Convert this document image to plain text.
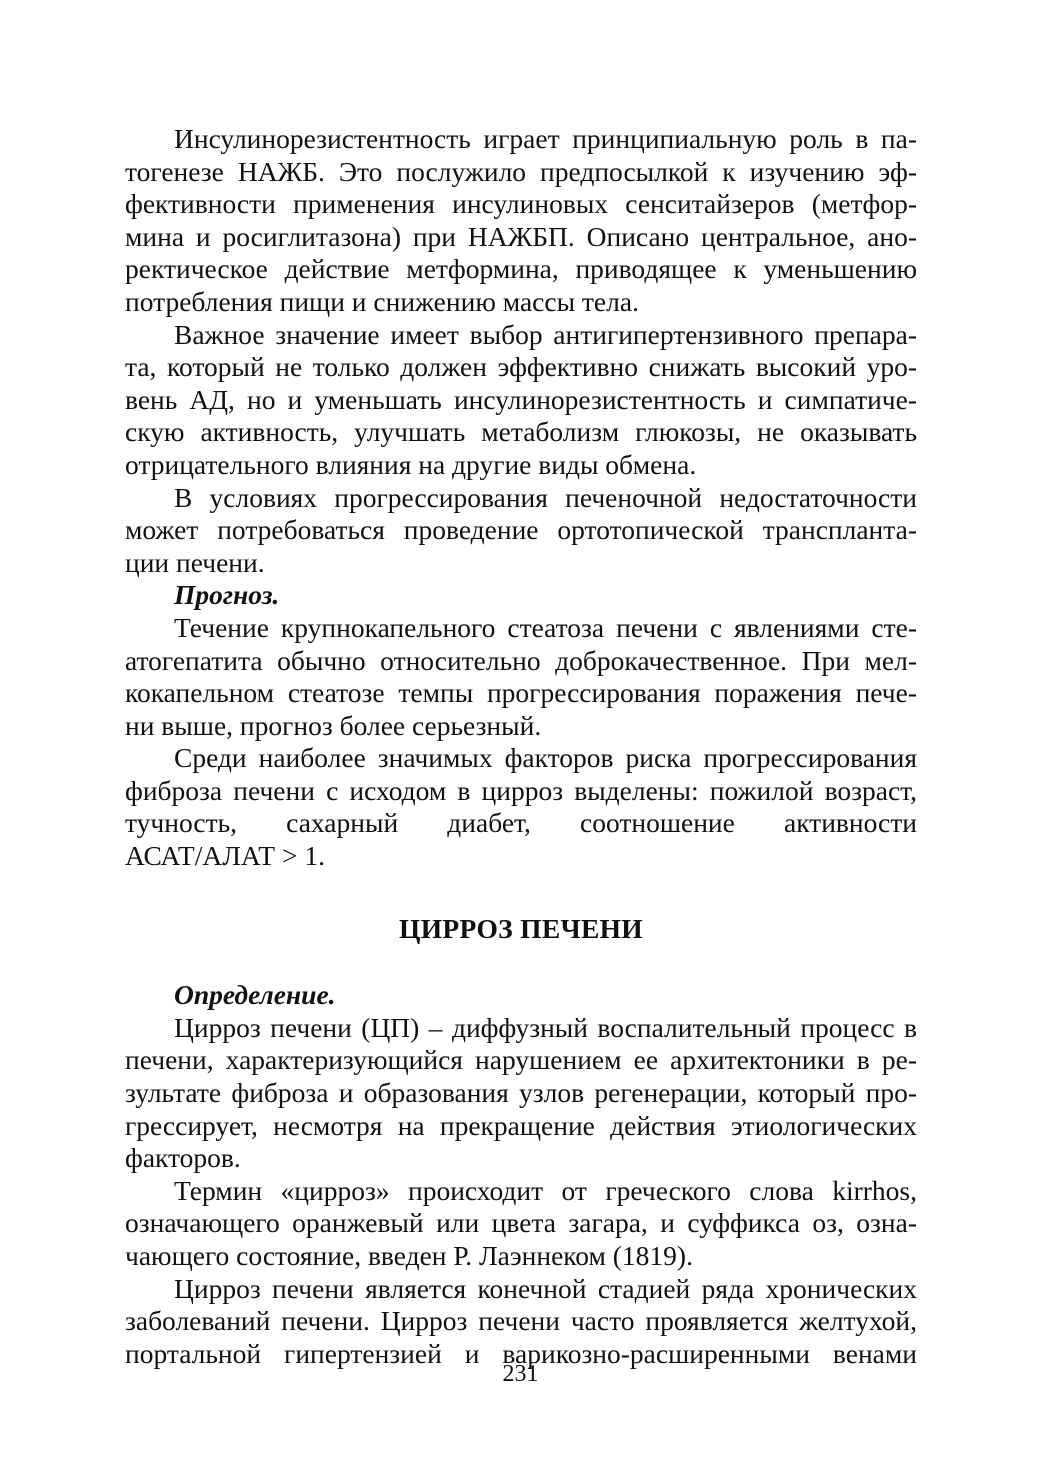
Инсулинорезистентность играет принципиальную роль в па-
тогенезе НАЖБ. Это послужило предпосылкой к изучению эф-
фективности применения инсулиновых сенситайзеров (метфор-
мина и росиглитазона) при НАЖБП. Описано центральное, ано-
ректическое действие метформина, приводящее к уменьшению
потребления пищи и снижению массы тела.
Важное значение имеет выбор антигипертензивного препара-
та, который не только должен эффективно снижать высокий уро-
вень АД, но и уменьшать инсулинорезистентность и симпатиче-
скую активность, улучшать метаболизм глюкозы, не оказывать
отрицательного влияния на другие виды обмена.
В условиях прогрессирования печеночной недостаточности
может потребоваться проведение ортотопической транспланта-
ции печени.
Прогноз.
Течение крупнокапельного стеатоза печени с явлениями сте-
атогепатита обычно относительно доброкачественное. При мел-
кокапельном стеатозе темпы прогрессирования поражения пече-
ни выше, прогноз более серьезный.
Среди наиболее значимых факторов риска прогрессирования
фиброза печени с исходом в цирроз выделены: пожилой возраст,
тучность, сахарный диабет, соотношение активности
АСАТ/АЛАТ > 1.
ЦИРРОЗ ПЕЧЕНИ
Определение.
Цирроз печени (ЦП) – диффузный воспалительный процесс в
печени, характеризующийся нарушением ее архитектоники в ре-
зультате фиброза и образования узлов регенерации, который про-
грессирует, несмотря на прекращение действия этиологических
факторов.
Термин «цирроз» происходит от греческого слова kirrhos,
означающего оранжевый или цвета загара, и суффикса оз, озна-
чающего состояние, введен Р. Лаэннеком (1819).
Цирроз печени является конечной стадией ряда хронических
заболеваний печени. Цирроз печени часто проявляется желтухой,
портальной гипертензией и варикозно-расширенными венами
231
